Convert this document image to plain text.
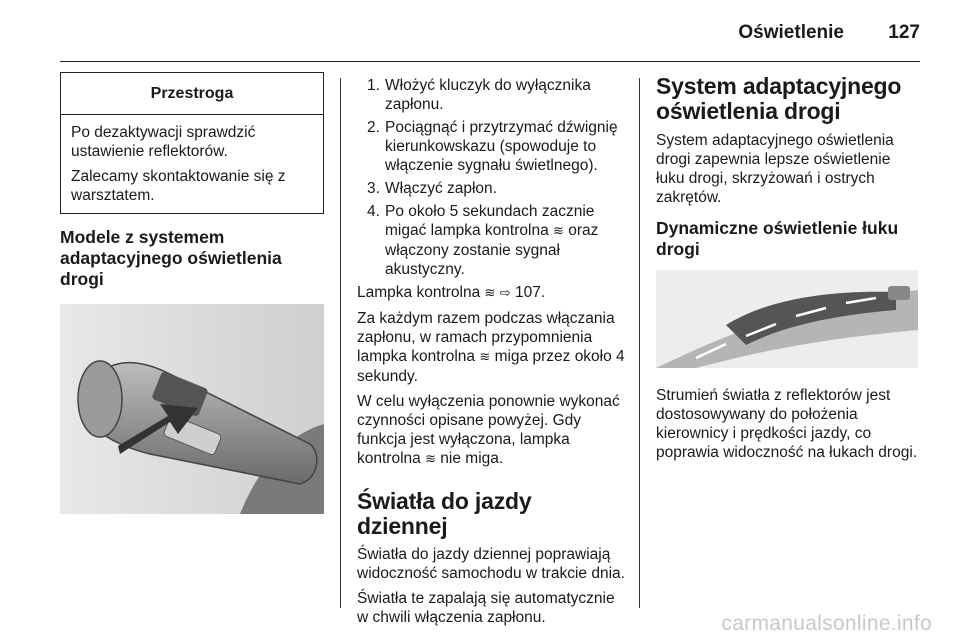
Oświetlenie 127
Przestroga

Po dezaktywacji sprawdzić ustawienie reflektorów.

Zalecamy skontaktowanie się z warsztatem.

Modele z systemem adaptacyjnego oświetlenia drogi
1. Włożyć kluczyk do wyłącznika zapłonu.
2. Pociągnąć i przytrzymać dźwignię kierunkowskazu (spowoduje to włączenie sygnału świetlnego).
3. Włączyć zapłon.
4. Po około 5 sekundach zacznie migać lampka kontrolna ≋ oraz włączony zostanie sygnał akustyczny.

Lampka kontrolna ≋ ⇨ 107.

Za każdym razem podczas włączania zapłonu, w ramach przypomnienia lampka kontrolna ≋ miga przez około 4 sekundy.

W celu wyłączenia ponownie wykonać czynności opisane powyżej. Gdy funkcja jest wyłączona, lampka kontrolna ≋ nie miga.

Światła do jazdy dziennej

Światła do jazdy dziennej poprawiają widoczność samochodu w trakcie dnia.

Światła te zapalają się automatycznie w chwili włączenia zapłonu.

System adaptacyjnego oświetlenia drogi

System adaptacyjnego oświetlenia drogi zapewnia lepsze oświetlenie łuku drogi, skrzyżowań i ostrych zakrętów.

Dynamiczne oświetlenie łuku drogi

Strumień światła z reflektorów jest dostosowywany do położenia kierownicy i prędkości jazdy, co poprawia widoczność na łukach drogi.

carmanualsonline.info
